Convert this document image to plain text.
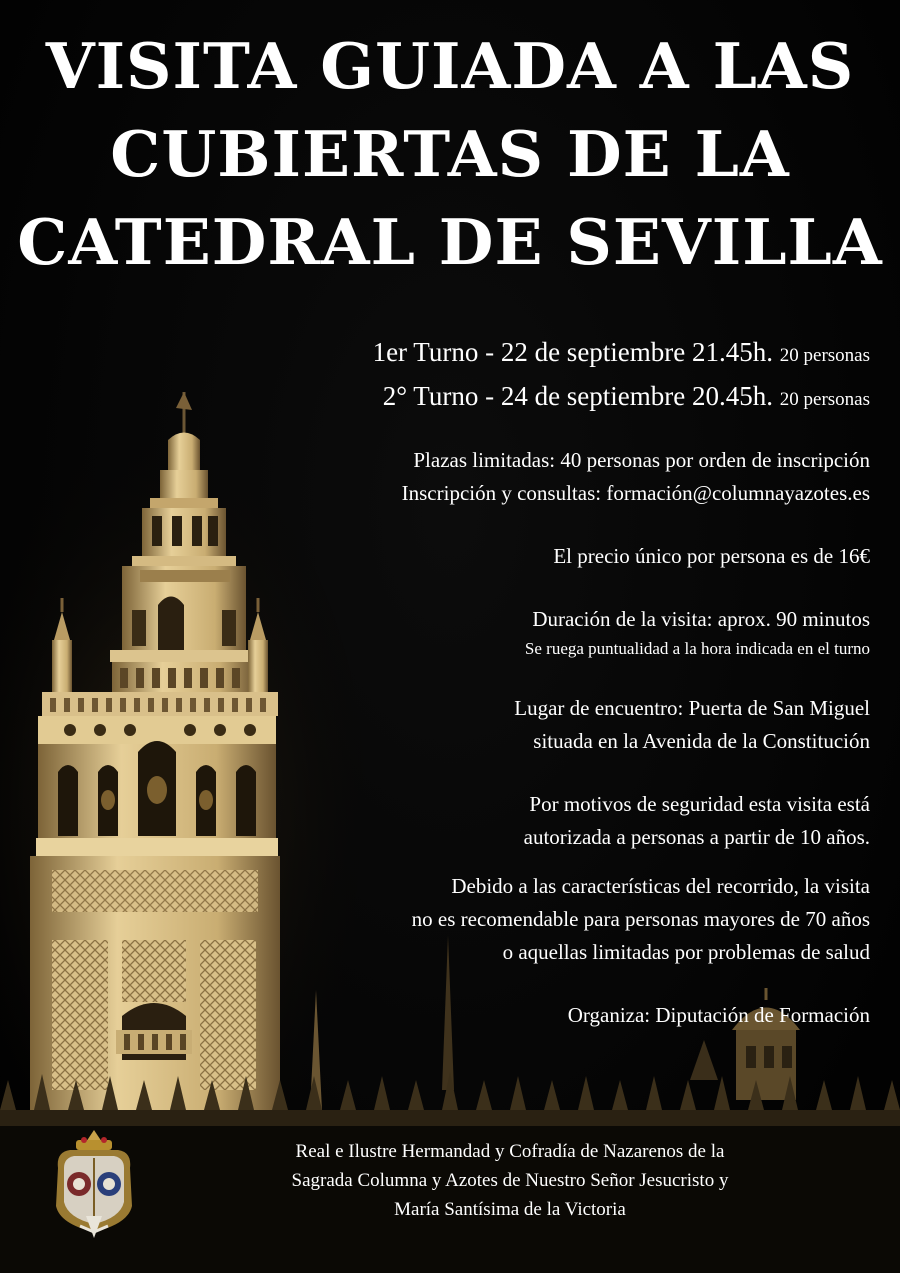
VISITA GUIADA A LAS
CUBIERTAS DE LA
CATEDRAL DE SEVILLA
1er Turno - 22 de septiembre 21.45h. 20 personas
2° Turno - 24 de septiembre 20.45h. 20 personas

Plazas limitadas: 40 personas por orden de inscripción

Inscripción y consultas: formación@columnayazotes.es

El precio único por persona es de 16€

Duración de la visita: aprox. 90 minutos

Se ruega puntualidad a la hora indicada en el turno

Lugar de encuentro: Puerta de San Miguel

situada en la Avenida de la Constitución

Por motivos de seguridad esta visita está

autorizada a personas a partir de 10 años.

Debido a las características del recorrido, la visita

no es recomendable para personas mayores de 70 años

o aquellas limitadas por problemas de salud

Organiza: Diputación de Formación

Real e Ilustre Hermandad y Cofradía de Nazarenos de la
Sagrada Columna y Azotes de Nuestro Señor Jesucristo y
María Santísima de la Victoria
